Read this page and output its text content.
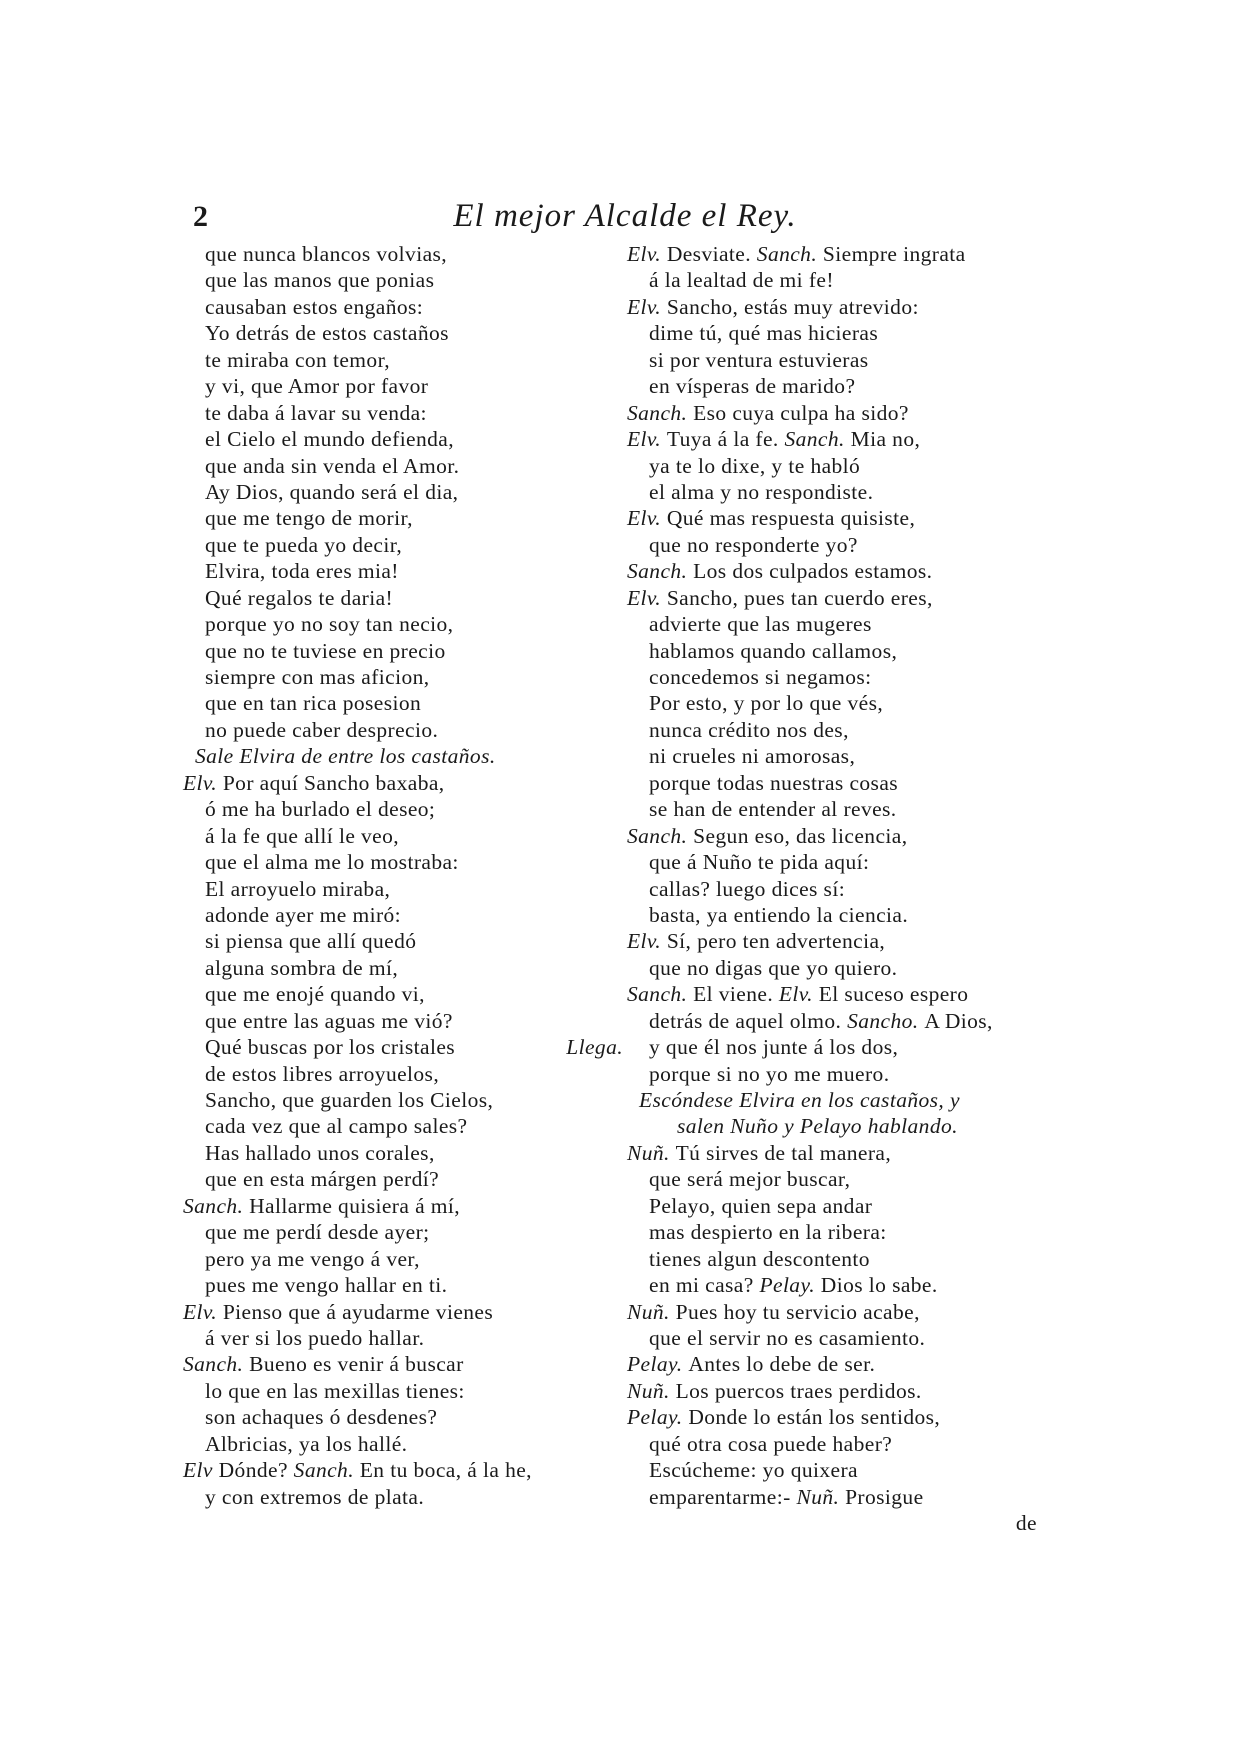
2	El mejor Alcalde el Rey.
que nunca blancos volvias,
que las manos que ponias
causaban estos engaños:
Yo detrás de estos castaños
te miraba con temor,
y vi, que Amor por favor
te daba á lavar su venda:
el Cielo el mundo defienda,
que anda sin venda el Amor.
Ay Dios, quando será el dia,
que me tengo de morir,
que te pueda yo decir,
Elvira, toda eres mia!
Qué regalos te daria!
porque yo no soy tan necio,
que no te tuviese en precio
siempre con mas aficion,
que en tan rica posesion
no puede caber desprecio.
Sale Elvira de entre los castaños.
Elv. Por aquí Sancho baxaba,
ó me ha burlado el deseo;
á la fe que allí le veo,
que el alma me lo mostraba:
El arroyuelo miraba,
adonde ayer me miró:
si piensa que allí quedó
alguna sombra de mí,
que me enojé quando vi,
que entre las aguas me vió?
Qué buscas por los cristales	Llega.
de estos libres arroyuelos,
Sancho, que guarden los Cielos,
cada vez que al campo sales?
Has hallado unos corales,
que en esta márgen perdí?
Sanch. Hallarme quisiera á mí,
que me perdí desde ayer;
pero ya me vengo á ver,
pues me vengo hallar en ti.
Elv. Pienso que á ayudarme vienes
á ver si los puedo hallar.
Sanch. Bueno es venir á buscar
lo que en las mexillas tienes:
son achaques ó desdenes?
Albricias, ya los hallé.
Elv Dónde? Sanch. En tu boca, á la he,
y con extremos de plata.
Elv. Desviate. Sanch. Siempre ingrata
á la lealtad de mi fe!
Elv. Sancho, estás muy atrevido:
dime tú, qué mas hicieras
si por ventura estuvieras
en vísperas de marido?
Sanch. Eso cuya culpa ha sido?
Elv. Tuya á la fe. Sanch. Mia no,
ya te lo dixe, y te habló
el alma y no respondiste.
Elv. Qué mas respuesta quisiste,
que no responderte yo?
Sanch. Los dos culpados estamos.
Elv. Sancho, pues tan cuerdo eres,
advierte que las mugeres
hablamos quando callamos,
concedemos si negamos:
Por esto, y por lo que vés,
nunca crédito nos des,
ni crueles ni amorosas,
porque todas nuestras cosas
se han de entender al reves.
Sanch. Segun eso, das licencia,
que á Nuño te pida aquí:
callas? luego dices sí:
basta, ya entiendo la ciencia.
Elv. Sí, pero ten advertencia,
que no digas que yo quiero.
Sanch. El viene. Elv. El suceso espero
detrás de aquel olmo. Sancho. A Dios,
y que él nos junte á los dos,
porque si no yo me muero.
Escóndese Elvira en los castaños, y
salen Nuño y Pelayo hablando.
Nuñ. Tú sirves de tal manera,
que será mejor buscar,
Pelayo, quien sepa andar
mas despierto en la ribera:
tienes algun descontento
en mi casa? Pelay. Dios lo sabe.
Nuñ. Pues hoy tu servicio acabe,
que el servir no es casamiento.
Pelay. Antes lo debe de ser.
Nuñ. Los puercos traes perdidos.
Pelay. Donde lo están los sentidos,
qué otra cosa puede haber?
Escúcheme: yo quixera
emparentarme:- Nuñ. Prosigue
de
